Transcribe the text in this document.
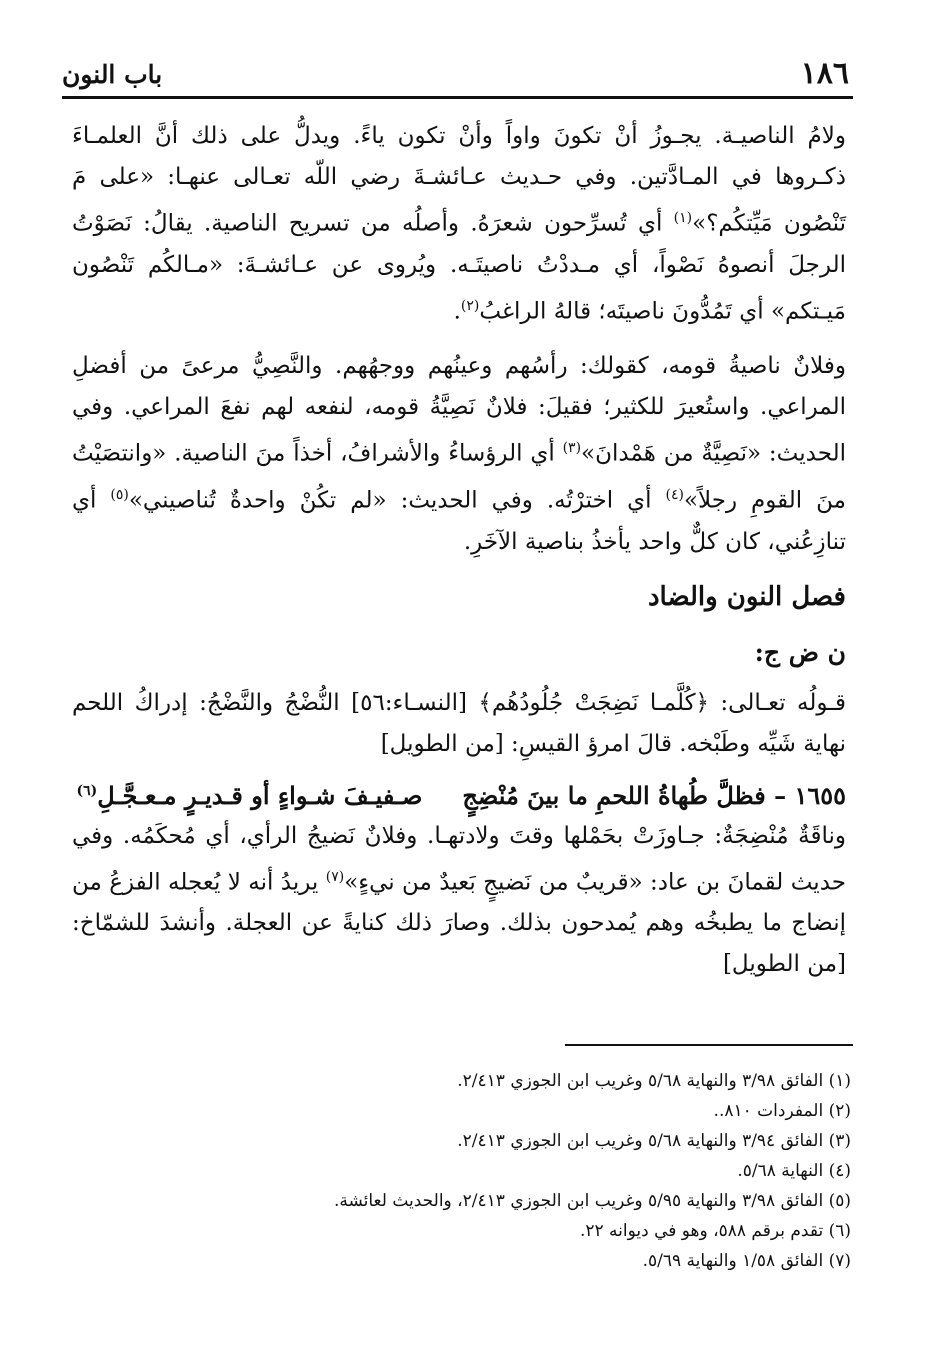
١٨٦
باب النون

ولامُ الناصيـة. يجـوزُ أنْ تكونَ واواً وأنْ تكون ياءً. ويدلُّ على ذلك أنَّ العلمـاءَ ذكـروها في المـادَّتين. وفي حـديث عـائشـةَ رضي اللّه تعـالى عنهـا: «على مَ تَنْصُون مَيِّتكُم؟»$^{(١)}$ أي تُسرِّحون شعرَهُ. وأصلُه من تسريح الناصية. يقالُ: نَصَوْتُ الرجلَ أنصوهُ نَصْواً، أي مـددْتُ ناصيتَـه. ويُروى عن عـائشـةَ: «مـالكُم تَنْصُون مَيـتكم» أي تَمُدُّونَ ناصيتَه؛ قالهُ الراغبُ$^{(٢)}$.

وفلانٌ ناصيةُ قومه، كقولك: رأسُهم وعينُهم ووجهُهم. والنَّصِيُّ مرعىً من أفضلِ المراعي. واستُعيرَ للكثير؛ فقيلَ: فلانٌ نَصِيَّةُ قومه، لنفعه لهم نفعَ المراعي. وفي الحديث: «نَصِيَّةٌ من هَمْدانَ»$^{(٣)}$ أي الرؤساءُ والأشرافُ، أخذاً منَ الناصية. «وانتصَيْتُ منَ القومِ رجلاً»$^{(٤)}$ أي اخترْتُه. وفي الحديث: «لم تكُنْ واحدةٌ تُناصيني»$^{(٥)}$ أي تنازِعُني، كان كلٌّ واحد يأخذُ بناصية الآخَرِ.

فصل النون والضاد
ن ض ج:

قـولُه تعـالى: ﴿كُلَّمـا نَضِجَتْ جُلُودُهُم﴾ [النسـاء:٥٦] النُّضْجُ والنَّضْجُ: إدراكُ اللحم نهاية شَيِّه وطَبْخه. قالَ امرؤ القيسِ: [من الطويل]

١٦٥٥ – فظلَّ طُهاةُ اللحمِ ما بينَ مُنْضِجٍصـفيـفَ شـواءٍ أو قـديـرٍ مـعـجَّـلِ$^{(٦)}$

وناقَةٌ مُنْضِجَةٌ: جـاوزَتْ بحَمْلها وقتَ ولادتهـا. وفلانٌ نَضيجُ الرأي، أي مُحكَمُه. وفي حديث لقمانَ بن عاد: «قريبٌ من نَضيجٍ بَعيدٌ من نيءٍ»$^{(٧)}$ يريدُ أنه لا يُعجله الفزعُ من إنضاج ما يطبخُه وهم يُمدحون بذلك. وصارَ ذلك كنايةً عن العجلة. وأنشدَ للشمّاخ: [من الطويل]

(١) الفائق ٣/٩٨ والنهاية ٥/٦٨ وغريب ابن الجوزي ٢/٤١٣.
(٢) المفردات ٨١٠..
(٣) الفائق ٣/٩٤ والنهاية ٥/٦٨ وغريب ابن الجوزي ٢/٤١٣.
(٤) النهاية ٥/٦٨.
(٥) الفائق ٣/٩٨ والنهاية ٥/٩٥ وغريب ابن الجوزي ٢/٤١٣، والحديث لعائشة.
(٦) تقدم برقم ٥٨٨، وهو في ديوانه ٢٢.
(٧) الفائق ١/٥٨ والنهاية ٥/٦٩.
